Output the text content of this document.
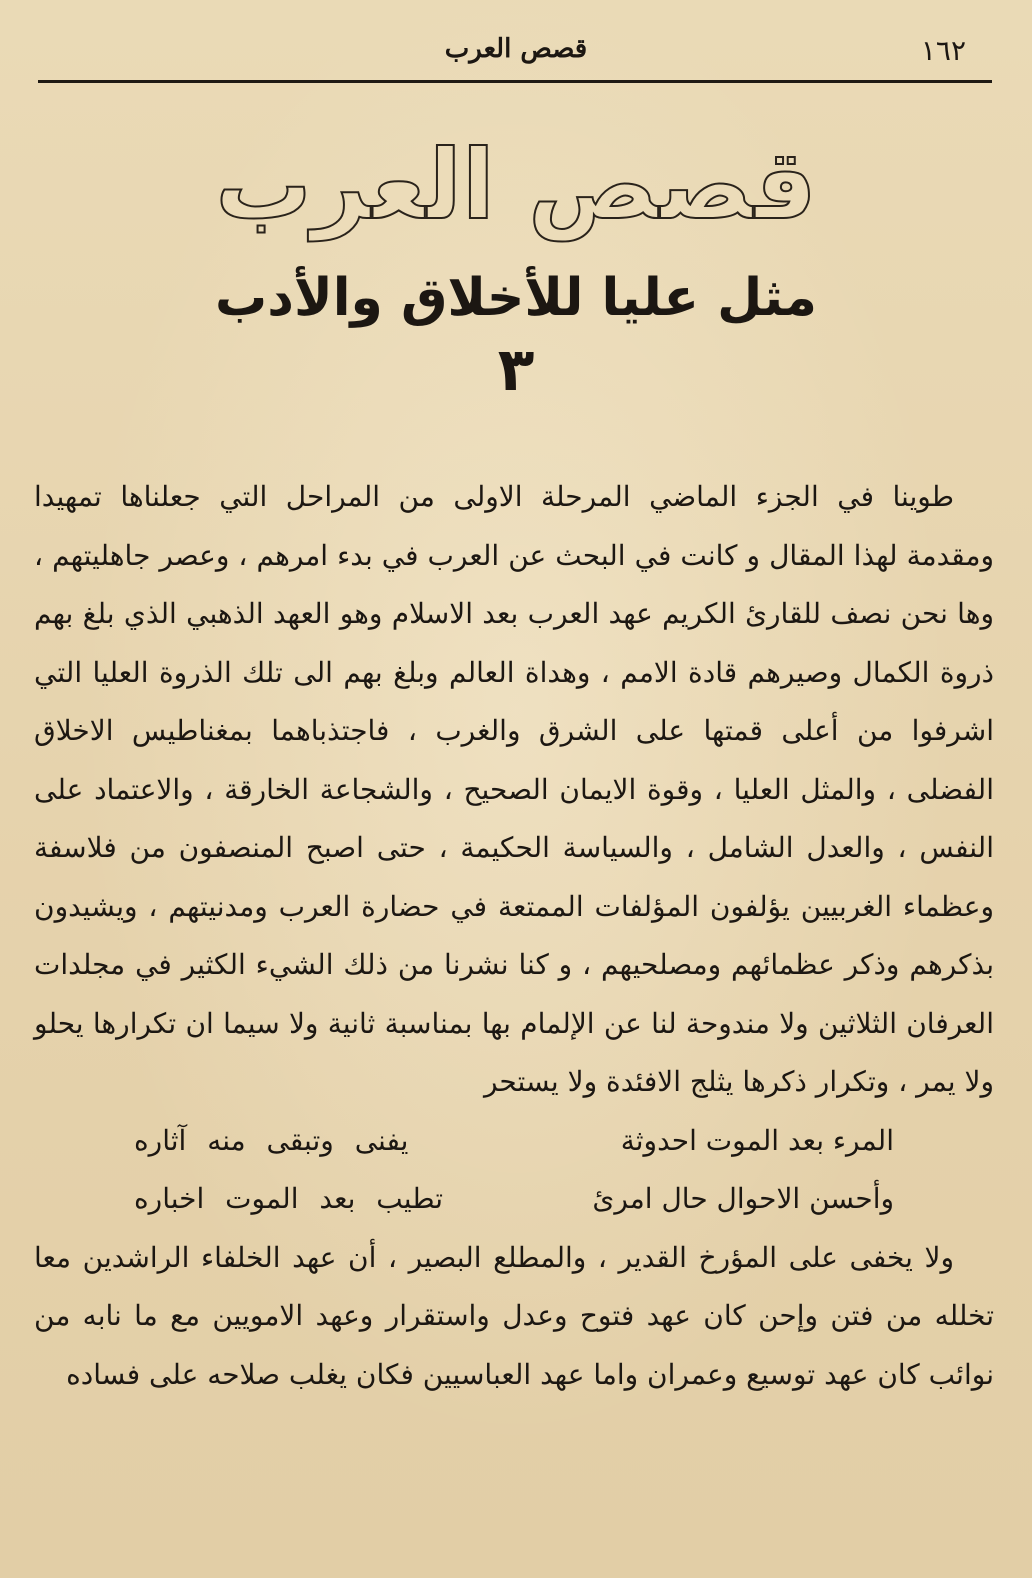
قصص العرب	١٦٢
قصص العرب
مثل عليا للأخلاق والأدب
٣

طوينا في الجزء الماضي المرحلة الاولى من المراحل التي جعلناها تمهيدا ومقدمة لهذا المقال و كانت في البحث عن العرب في بدء امرهم ، وعصر جاهليتهم ، وها نحن نصف للقارئ الكريم عهد العرب بعد الاسلام وهو العهد الذهبي الذي بلغ بهم ذروة الكمال وصيرهم قادة الامم ، وهداة العالم وبلغ بهم الى تلك الذروة العليا التي اشرفوا من أعلى قمتها على الشرق والغرب ، فاجتذباهما بمغناطيس الاخلاق الفضلى ، والمثل العليا ، وقوة الايمان الصحيح ، والشجاعة الخارقة ، والاعتماد على النفس ، والعدل الشامل ، والسياسة الحكيمة ، حتى اصبح المنصفون من فلاسفة وعظماء الغربيين يؤلفون المؤلفات الممتعة في حضارة العرب ومدنيتهم ، ويشيدون بذكرهم وذكر عظمائهم ومصلحيهم ، و كنا نشرنا من ذلك الشيء الكثير في مجلدات العرفان الثلاثين ولا مندوحة لنا عن الإلمام بها بمناسبة ثانية ولا سيما ان تكرارها يحلو ولا يمر ، وتكرار ذكرها يثلج الافئدة ولا يستحر

المرء بعد الموت احدوثة
يفنى وتبقى منه آثاره
وأحسن الاحوال حال امرئ
تطيب بعد الموت اخباره

ولا يخفى على المؤرخ القدير ، والمطلع البصير ، أن عهد الخلفاء الراشدين معا تخلله من فتن وإحن كان عهد فتوح وعدل واستقرار وعهد الامويين مع ما نابه من نوائب كان عهد توسيع وعمران واما عهد العباسيين فكان يغلب صلاحه على فساده
